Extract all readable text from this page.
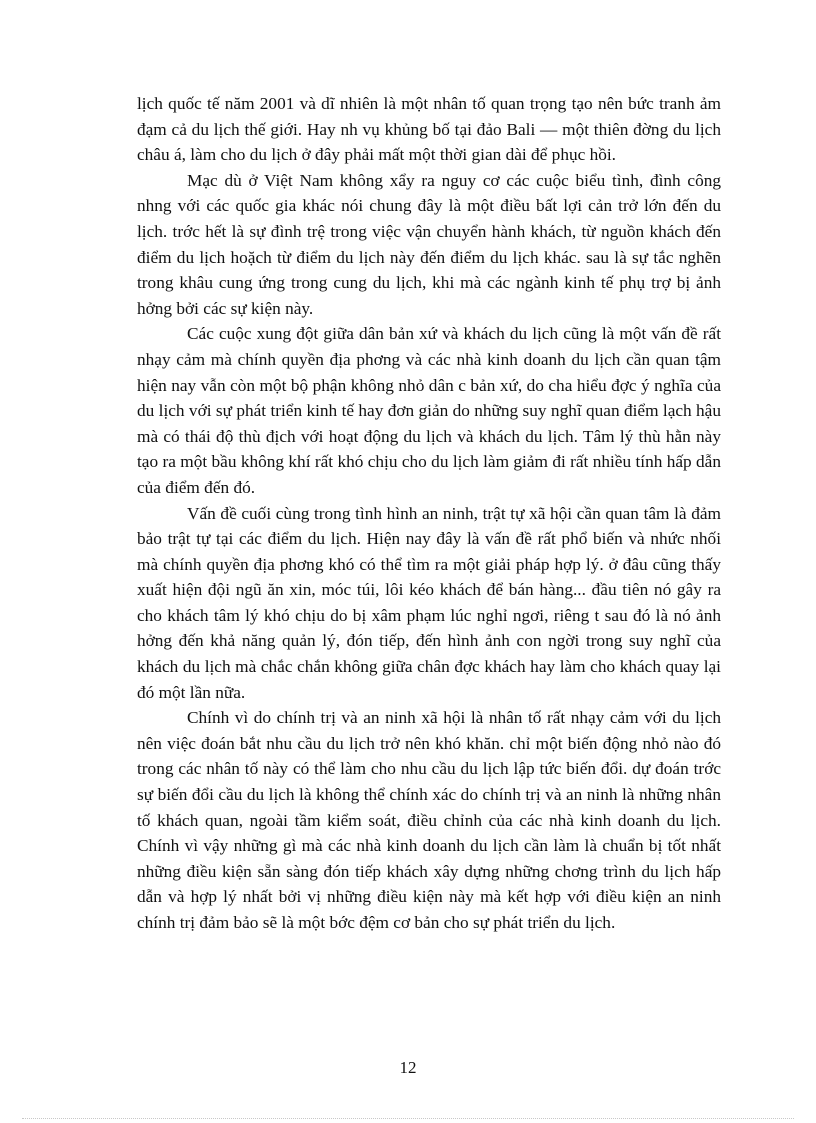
lịch quốc tế năm 2001 và dĩ nhiên là một nhân tố quan trọng tạo nên bức tranh ảm đạm cả du lịch thế giới. Hay nh vụ khủng bố tại đảo Bali — một thiên đờng du lịch châu á, làm cho du lịch ở đây phải mất một thời gian dài để phục hồi.

Mạc dù ở Việt Nam không xẩy ra nguy cơ các cuộc biểu tình, đình công nhng với các quốc gia khác nói chung đây là một điều bất lợi cản trở lớn đến du lịch. trớc hết là sự đình trệ trong việc vận chuyển hành khách, từ nguồn khách đến điểm du lịch hoặch từ điểm du lịch này đến điểm du lịch khác. sau là sự tắc nghẽn trong khâu cung ứng trong cung du lịch, khi mà các ngành kinh tế phụ trợ bị ảnh hởng bởi các sự kiện này.

Các cuộc xung đột giữa dân bản xứ và khách du lịch cũng là một vấn đề rất nhạy cảm mà chính quyền địa phơng và các nhà kinh doanh du lịch cần quan tậm hiện nay vẫn còn một bộ phận không nhỏ dân c bản xứ, do cha hiểu đợc ý nghĩa của du lịch với sự phát triển kinh tế hay đơn giản do những suy nghĩ quan điểm lạch hậu mà có thái độ thù địch với hoạt động du lịch và khách du lịch. Tâm lý thù hằn này tạo ra một bầu không khí rất khó chịu cho du lịch làm giảm đi rất nhiều tính hấp dẫn của điểm đến đó.

Vấn đề cuối cùng trong tình hình an ninh, trật tự xã hội cần quan tâm là đảm bảo trật tự tại các điểm du lịch. Hiện nay đây là vấn đề rất phổ biến và nhức nhối mà chính quyền địa phơng khó có thể tìm ra một giải pháp hợp lý. ở đâu cũng thấy xuất hiện đội ngũ ăn xin, móc túi, lôi kéo khách để bán hàng... đầu tiên nó gây ra cho khách tâm lý khó chịu do bị xâm phạm lúc nghỉ ngơi, riêng t sau đó là nó ảnh hởng đến khả năng quản lý, đón tiếp, đến hình ảnh con ngời trong suy nghĩ của khách du lịch mà chắc chắn không giữa chân đợc khách hay làm cho khách quay lại đó một lần nữa.

Chính vì do chính trị và an ninh xã hội là nhân tố rất nhạy cảm với du lịch nên việc đoán bắt nhu cầu du lịch trở nên khó khăn. chỉ một biến động nhỏ nào đó trong các nhân tố này có thể làm cho nhu cầu du lịch lập tức biến đổi. dự đoán trớc sự biến đổi cầu du lịch là không thể chính xác do chính trị và an ninh là những nhân tố khách quan, ngoài tầm kiểm soát, điều chỉnh của các nhà kinh doanh du lịch. Chính vì vậy những gì mà các nhà kinh doanh du lịch cần làm là chuẩn bị tốt nhất những điều kiện sẵn sàng đón tiếp khách xây dựng những chơng trình du lịch hấp dẫn và hợp lý nhất bởi vị những điều kiện này mà kết hợp với điều kiện an ninh chính trị đảm bảo sẽ là một bớc đệm cơ bản cho sự phát triển du lịch.

12
